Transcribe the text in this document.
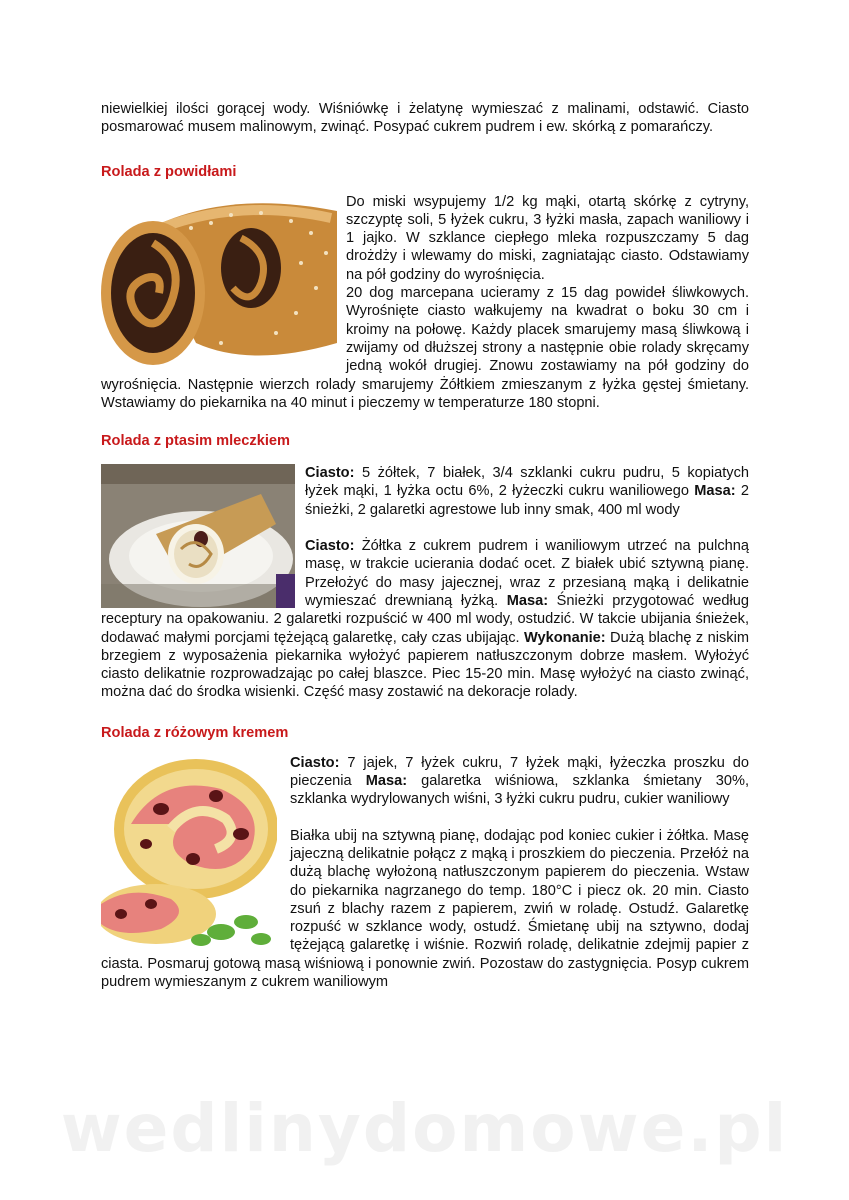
niewielkiej ilości gorącej wody. Wiśniówkę i żelatynę wymieszać z malinami, odstawić. Ciasto posmarować musem malinowym, zwinąć. Posypać cukrem pudrem i ew. skórką z pomarańczy.

Rolada z powidłami

Do miski wsypujemy 1/2 kg mąki, otartą skórkę z cytryny, szczyptę soli, 5 łyżek cukru, 3 łyżki masła, zapach waniliowy i 1 jajko. W szklance ciepłego mleka rozpuszczamy 5 dag drożdży i wlewamy do miski, zagniatając ciasto. Odstawiamy na pół godziny do wyrośnięcia.

20 dog marcepana ucieramy z 15 dag powideł śliwkowych. Wyrośnięte ciasto wałkujemy na kwadrat o boku 30 cm i kroimy na połowę. Każdy placek smarujemy masą śliwkową i zwijamy od dłuższej strony a następnie obie rolady skręcamy jedną wokół drugiej. Znowu zostawiamy na pół godziny do wyrośnięcia. Następnie wierzch rolady smarujemy Żółtkiem zmieszanym z łyżka gęstej śmietany. Wstawiamy do piekarnika na 40 minut i pieczemy w temperaturze 180 stopni.

Rolada z ptasim mleczkiem

Ciasto: 5 żółtek, 7 białek, 3/4 szklanki cukru pudru, 5 kopiatych łyżek mąki, 1 łyżka octu 6%, 2 łyżeczki cukru waniliowego Masa: 2 śnieżki, 2 galaretki agrestowe lub inny smak, 400 ml wody

Ciasto: Żółtka z cukrem pudrem i waniliowym utrzeć na pulchną masę, w trakcie ucierania dodać ocet. Z białek ubić sztywną pianę. Przełożyć do masy jajecznej, wraz z przesianą mąką i delikatnie wymieszać drewnianą łyżką. Masa: Śnieżki przygotować według receptury na opakowaniu. 2 galaretki rozpuścić w 400 ml wody, ostudzić. W takcie ubijania śnieżek, dodawać małymi porcjami tężejącą galaretkę, cały czas ubijając. Wykonanie: Dużą blachę z niskim brzegiem z wyposażenia piekarnika wyłożyć papierem natłuszczonym dobrze masłem. Wyłożyć ciasto delikatnie rozprowadzając po całej blaszce. Piec 15-20 min. Masę wyłożyć na ciasto zwinąć, można dać do środka wisienki. Część masy zostawić na dekoracje rolady.

Rolada z różowym kremem

Ciasto: 7 jajek, 7 łyżek cukru, 7 łyżek mąki, łyżeczka proszku do pieczenia Masa: galaretka wiśniowa, szklanka śmietany 30%, szklanka wydrylowanych wiśni, 3 łyżki cukru pudru, cukier waniliowy

Białka ubij na sztywną pianę, dodając pod koniec cukier i żółtka. Masę jajeczną delikatnie połącz z mąką i proszkiem do pieczenia. Przełóż na dużą blachę wyłożoną natłuszczonym papierem do pieczenia. Wstaw do piekarnika nagrzanego do temp. 180°C i piecz ok. 20 min. Ciasto zsuń z blachy razem z papierem, zwiń w roladę. Ostudź. Galaretkę rozpuść w szklance wody, ostudź. Śmietanę ubij na sztywno, dodaj tężejącą galaretkę i wiśnie. Rozwiń roladę, delikatnie zdejmij papier z ciasta. Posmaruj gotową masą wiśniową i ponownie zwiń. Pozostaw do zastygnięcia. Posyp cukrem pudrem wymieszanym z cukrem waniliowym

wedlinydomowe.pl
